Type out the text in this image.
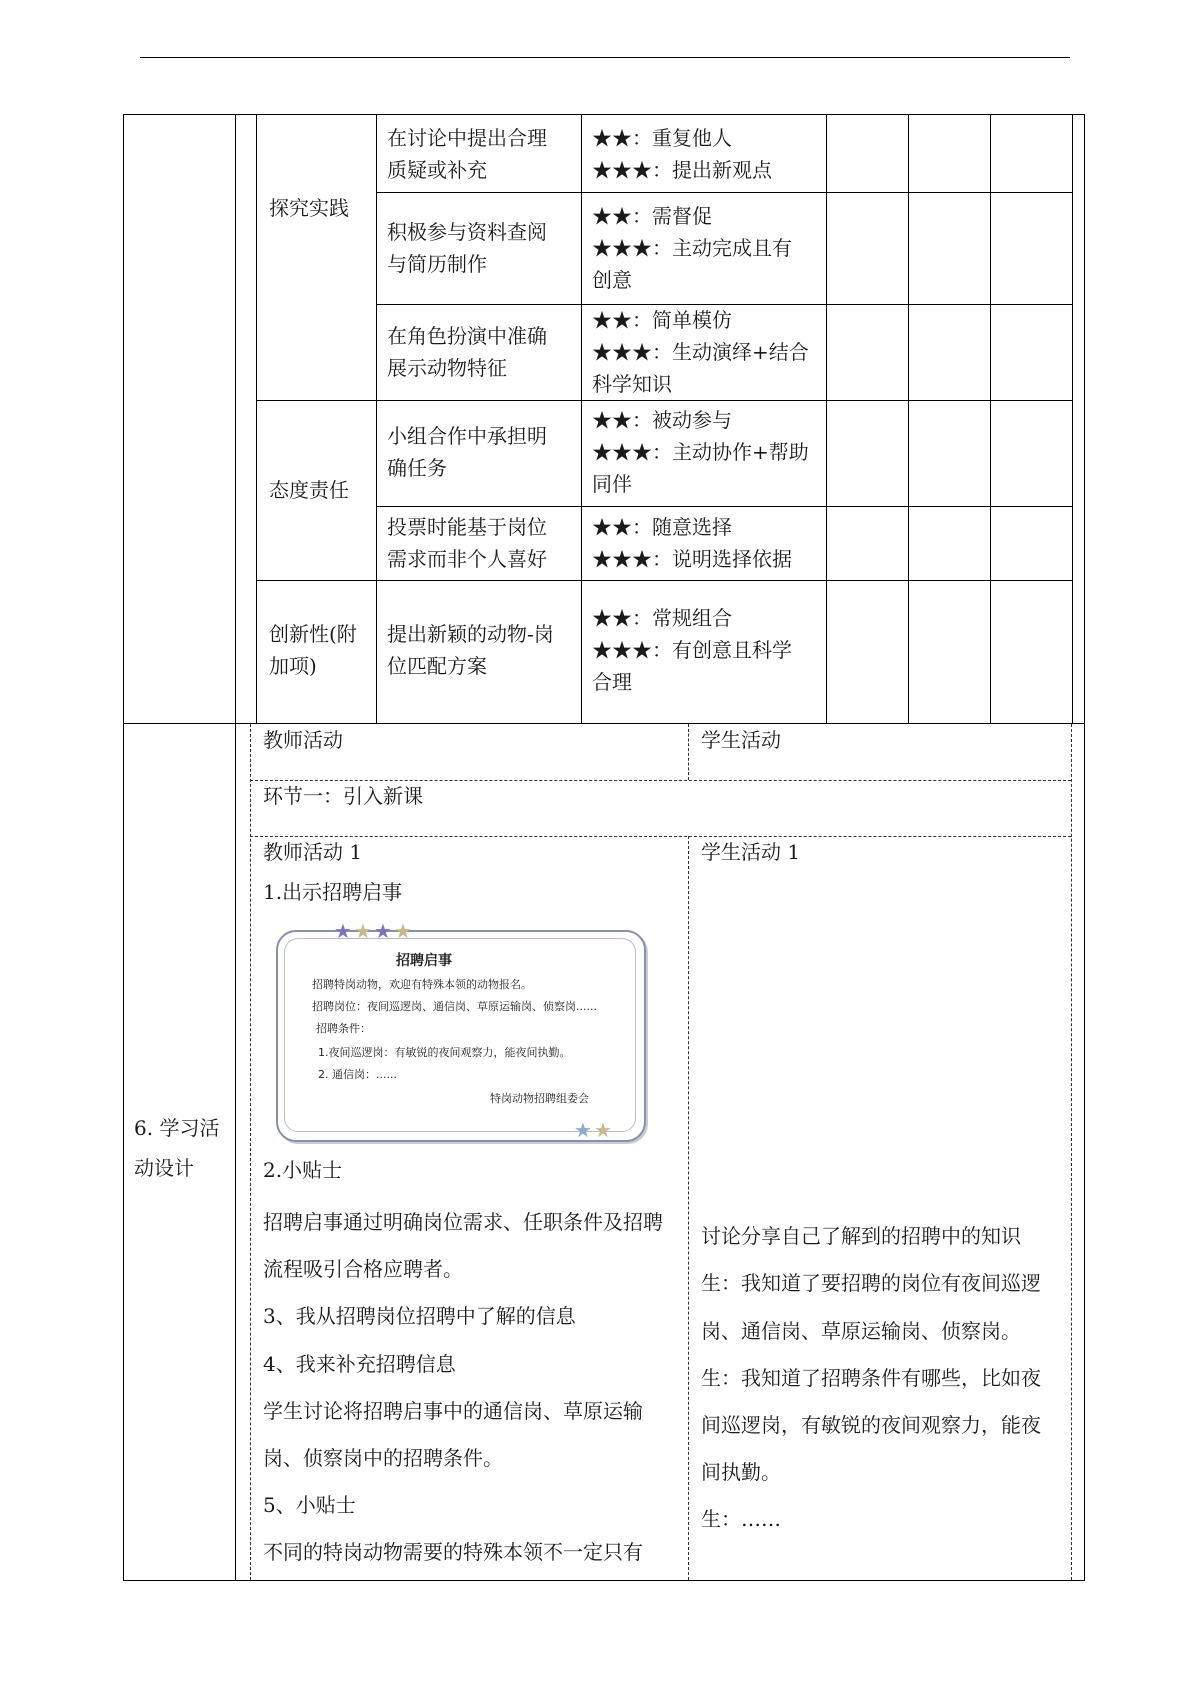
探究实践
态度责任
创新性(附
加项)
在讨论中提出合理
质疑或补充
★★：重复他人
★★★：提出新观点
积极参与资料查阅
与简历制作
★★：需督促
★★★：主动完成且有
创意
在角色扮演中准确
展示动物特征
★★：简单模仿
★★★：生动演绎+结合
科学知识
小组合作中承担明
确任务
★★：被动参与
★★★：主动协作+帮助
同伴
投票时能基于岗位
需求而非个人喜好
★★：随意选择
★★★：说明选择依据
提出新颖的动物-岗
位匹配方案
★★：常规组合
★★★：有创意且科学
合理
6. 学习活
动设计
教师活动	学生活动
环节一：引入新课
教师活动 1	学生活动 1
1.出示招聘启事
★ ★ ★ ★
★ ★
招聘启事
招聘特岗动物，欢迎有特殊本领的动物报名。
招聘岗位：夜间巡逻岗、通信岗、草原运输岗、侦察岗......
招聘条件：
1.夜间巡逻岗：有敏锐的夜间观察力，能夜间执勤。
2. 通信岗：......
特岗动物招聘组委会
2.小贴士
招聘启事通过明确岗位需求、任职条件及招聘
流程吸引合格应聘者。
3、我从招聘岗位招聘中了解的信息
4、我来补充招聘信息
学生讨论将招聘启事中的通信岗、草原运输
岗、侦察岗中的招聘条件。
5、小贴士
不同的特岗动物需要的特殊本领不一定只有
讨论分享自己了解到的招聘中的知识
生：我知道了要招聘的岗位有夜间巡逻
岗、通信岗、草原运输岗、侦察岗。
生：我知道了招聘条件有哪些，比如夜
间巡逻岗，有敏锐的夜间观察力，能夜
间执勤。
生：……
